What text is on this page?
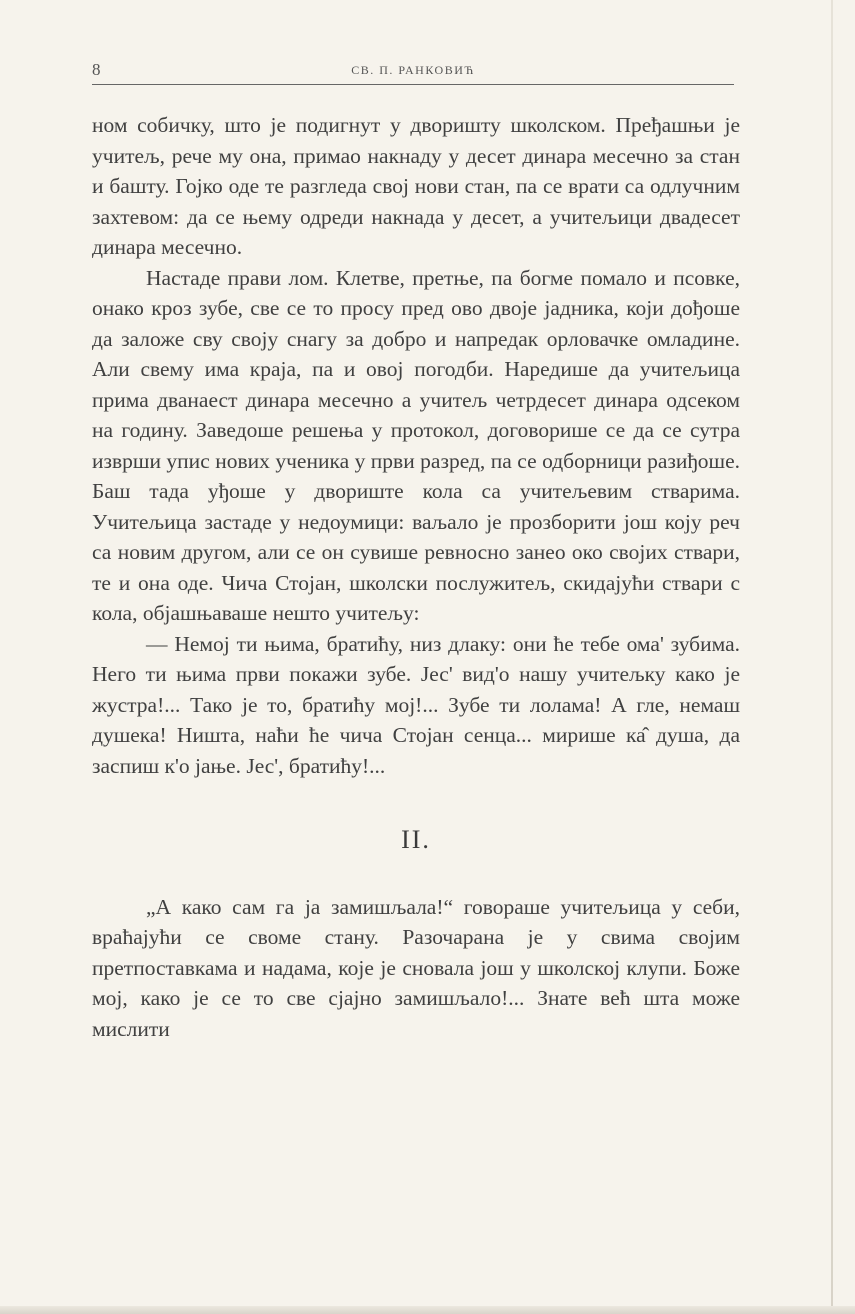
8	СВ. П. РАНКОВИЋ

ном собичку, што је подигнут у дворишту школском. Пређашњи је учитељ, рече му она, примао накнаду у десет динара месечно за стан и башту. Гојко оде те разгледа свој нови стан, па се врати са одлучним захтевом: да се њему одреди накнада у десет, а учитељици двадесет динара месечно.

Настаде прави лом. Клетве, претње, па богме помало и псовке, онако кроз зубе, све се то просу пред ово двоје јадника, који дођоше да заложе сву своју снагу за добро и напредак орловачке омладине. Али свему има краја, па и овој погодби. Наредише да учитељица прима дванаест динара месечно а учитељ четрдесет динара одсеком на годину. Заведоше решења у протокол, договорише се да се сутра изврши упис нових ученика у први разред, па се одборници разиђоше. Баш тада уђоше у двориште кола са учитељевим стварима. Учитељица застаде у недоумици: ваљало је прозборити још коју реч са новим другом, али се он сувише ревносно занео око својих ствари, те и она оде. Чича Стојан, школски послужитељ, скидајући ствари с кола, објашњаваше нешто учитељу:

— Немој ти њима, братићу, низ длаку: они ће тебе ома' зубима. Него ти њима први покажи зубе. Јес' вид'о нашу учитељку како је жустра!... Тако је то, братићу мој!... Зубе ти лолама! А гле, немаш душека! Ништа, наћи ће чича Стојан сенца... мирише ка̂ душа, да заспиш к'о јање. Јес', братићу!...

II.

„А како сам га ја замишљала!“ говораше учитељица у себи, враћајући се своме стану. Разочарана је у свима својим претпоставкама и надама, које је сновала још у школској клупи. Боже мој, како је се то све сјајно замишљало!... Знате већ шта може мислити
